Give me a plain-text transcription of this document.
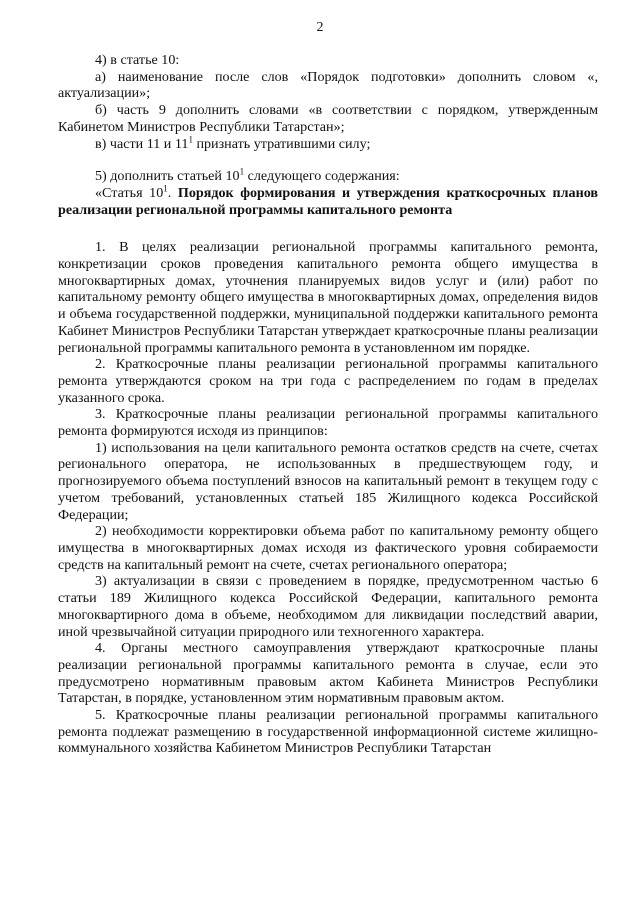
2

4) в статье 10:

а) наименование после слов «Порядок подготовки» дополнить словом «, актуализации»;

б) часть 9 дополнить словами «в соответствии с порядком, утвержденным Кабинетом Министров Республики Татарстан»;

в) части 11 и $11^1$ признать утратившими силу;

5) дополнить статьей $10^1$ следующего содержания:

«Статья $10^1$. Порядок формирования и утверждения краткосрочных планов реализации региональной программы капитального ремонта

1. В целях реализации региональной программы капитального ремонта, конкретизации сроков проведения капитального ремонта общего имущества в многоквартирных домах, уточнения планируемых видов услуг и (или) работ по капитальному ремонту общего имущества в многоквартирных домах, определения видов и объема государственной поддержки, муниципальной поддержки капитального ремонта Кабинет Министров Республики Татарстан утверждает краткосрочные планы реализации региональной программы капитального ремонта в установленном им порядке.

2. Краткосрочные планы реализации региональной программы капитального ремонта утверждаются сроком на три года с распределением по годам в пределах указанного срока.

3. Краткосрочные планы реализации региональной программы капитального ремонта формируются исходя из принципов:

1) использования на цели капитального ремонта остатков средств на счете, счетах регионального оператора, не использованных в предшествующем году, и прогнозируемого объема поступлений взносов на капитальный ремонт в текущем году с учетом требований, установленных статьей 185 Жилищного кодекса Российской Федерации;

2) необходимости корректировки объема работ по капитальному ремонту общего имущества в многоквартирных домах исходя из фактического уровня собираемости средств на капитальный ремонт на счете, счетах регионального оператора;

3) актуализации в связи с проведением в порядке, предусмотренном частью 6 статьи 189 Жилищного кодекса Российской Федерации, капитального ремонта многоквартирного дома в объеме, необходимом для ликвидации последствий аварии, иной чрезвычайной ситуации природного или техногенного характера.

4. Органы местного самоуправления утверждают краткосрочные планы реализации региональной программы капитального ремонта в случае, если это предусмотрено нормативным правовым актом Кабинета Министров Республики Татарстан, в порядке, установленном этим нормативным правовым актом.

5. Краткосрочные планы реализации региональной программы капитального ремонта подлежат размещению в государственной информационной системе жилищно-коммунального хозяйства Кабинетом Министров Республики Татарстан
